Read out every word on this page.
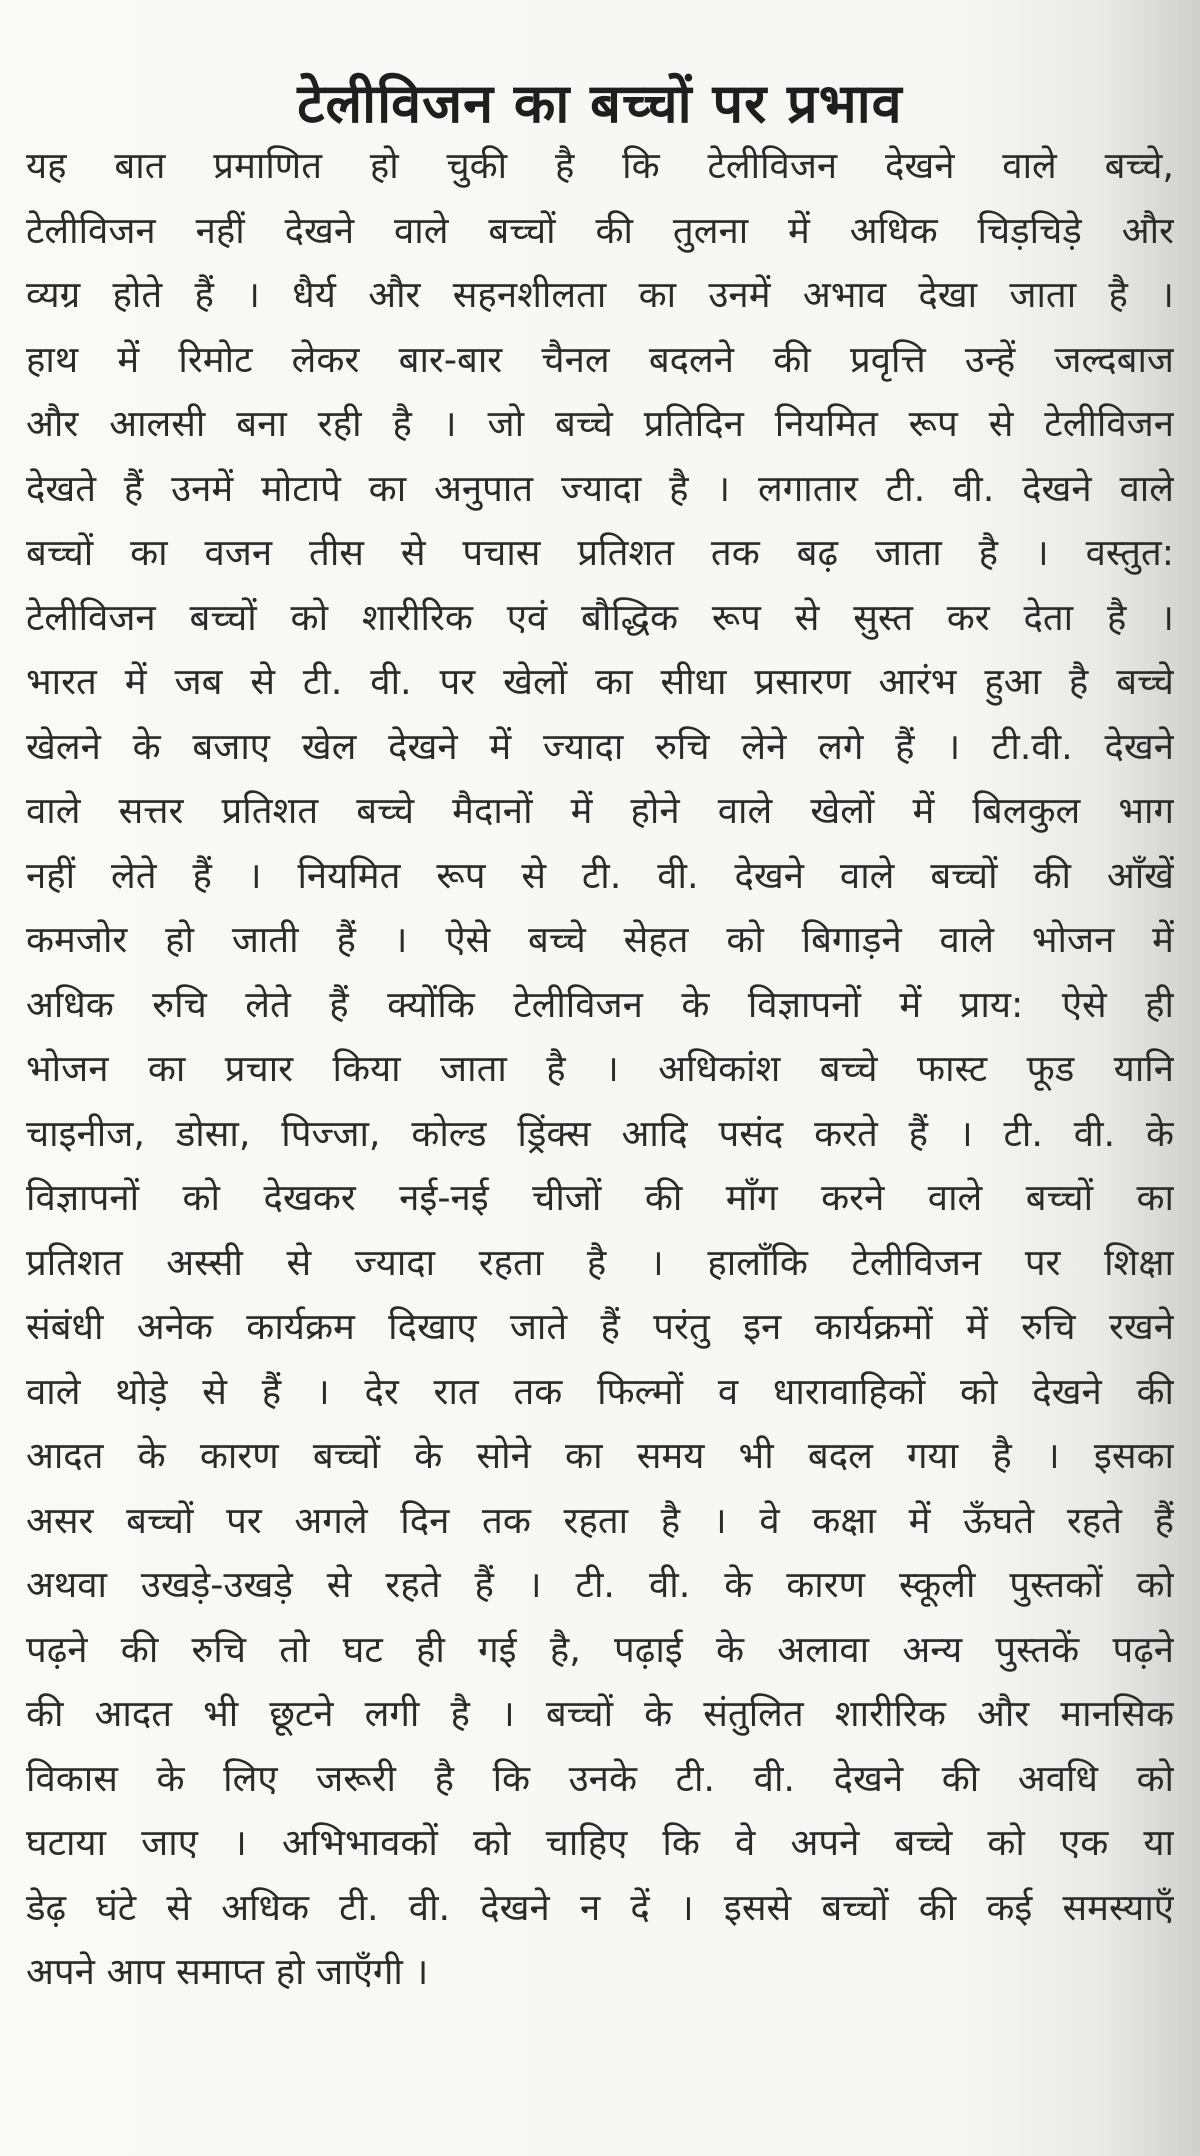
टेलीविजन का बच्चों पर प्रभाव
यह बात प्रमाणित हो चुकी है कि टेलीविजन देखने वाले बच्चे,
टेलीविजन नहीं देखने वाले बच्चों की तुलना में अधिक चिड़चिड़े और
व्यग्र होते हैं । धैर्य और सहनशीलता का उनमें अभाव देखा जाता है ।
हाथ में रिमोट लेकर बार-बार चैनल बदलने की प्रवृत्ति उन्हें जल्दबाज
और आलसी बना रही है । जो बच्चे प्रतिदिन नियमित रूप से टेलीविजन
देखते हैं उनमें मोटापे का अनुपात ज्यादा है । लगातार टी. वी. देखने वाले
बच्चों का वजन तीस से पचास प्रतिशत तक बढ़ जाता है । वस्तुत:
टेलीविजन बच्चों को शारीरिक एवं बौद्धिक रूप से सुस्त कर देता है ।
भारत में जब से टी. वी. पर खेलों का सीधा प्रसारण आरंभ हुआ है बच्चे
खेलने के बजाए खेल देखने में ज्यादा रुचि लेने लगे हैं । टी.वी. देखने
वाले सत्तर प्रतिशत बच्चे मैदानों में होने वाले खेलों में बिलकुल भाग
नहीं लेते हैं । नियमित रूप से टी. वी. देखने वाले बच्चों की आँखें
कमजोर हो जाती हैं । ऐसे बच्चे सेहत को बिगाड़ने वाले भोजन में
अधिक रुचि लेते हैं क्योंकि टेलीविजन के विज्ञापनों में प्राय: ऐसे ही
भोजन का प्रचार किया जाता है । अधिकांश बच्चे फास्ट फूड यानि
चाइनीज, डोसा, पिज्जा, कोल्ड ड्रिंक्स आदि पसंद करते हैं । टी. वी. के
विज्ञापनों को देखकर नई-नई चीजों की माँग करने वाले बच्चों का
प्रतिशत अस्सी से ज्यादा रहता है । हालाँकि टेलीविजन पर शिक्षा
संबंधी अनेक कार्यक्रम दिखाए जाते हैं परंतु इन कार्यक्रमों में रुचि रखने
वाले थोड़े से हैं । देर रात तक फिल्मों व धारावाहिकों को देखने की
आदत के कारण बच्चों के सोने का समय भी बदल गया है । इसका
असर बच्चों पर अगले दिन तक रहता है । वे कक्षा में ऊँघते रहते हैं
अथवा उखड़े-उखड़े से रहते हैं । टी. वी. के कारण स्कूली पुस्तकों को
पढ़ने की रुचि तो घट ही गई है, पढ़ाई के अलावा अन्य पुस्तकें पढ़ने
की आदत भी छूटने लगी है । बच्चों के संतुलित शारीरिक और मानसिक
विकास के लिए जरूरी है कि उनके टी. वी. देखने की अवधि को
घटाया जाए । अभिभावकों को चाहिए कि वे अपने बच्चे को एक या
डेढ़ घंटे से अधिक टी. वी. देखने न दें । इससे बच्चों की कई समस्याएँ
अपने आप समाप्त हो जाएँगी ।
